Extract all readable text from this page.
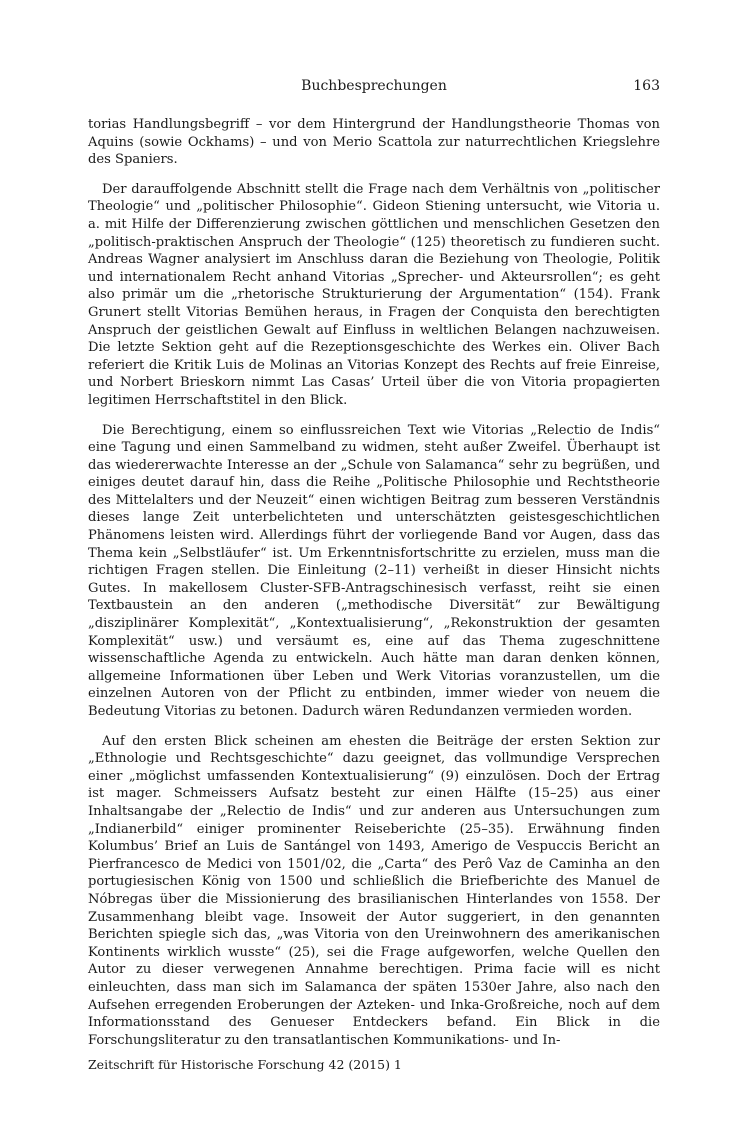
Buchbesprechungen	163

torias Handlungsbegriff – vor dem Hintergrund der Handlungstheorie Thomas von Aquins (sowie Ockhams) – und von Merio Scattola zur naturrechtlichen Kriegslehre des Spaniers.

Der darauffolgende Abschnitt stellt die Frage nach dem Verhältnis von „politischer Theologie“ und „politischer Philosophie“. Gideon Stiening untersucht, wie Vitoria u. a. mit Hilfe der Differenzierung zwischen göttlichen und menschlichen Gesetzen den „politisch-praktischen Anspruch der Theologie“ (125) theoretisch zu fundieren sucht. Andreas Wagner analysiert im Anschluss daran die Beziehung von Theologie, Politik und internationalem Recht anhand Vitorias „Sprecher- und Akteursrollen“; es geht also primär um die „rhetorische Strukturierung der Argumentation“ (154). Frank Grunert stellt Vitorias Bemühen heraus, in Fragen der Conquista den berechtigten Anspruch der geistlichen Gewalt auf Einfluss in weltlichen Belangen nachzuweisen. Die letzte Sektion geht auf die Rezeptionsgeschichte des Werkes ein. Oliver Bach referiert die Kritik Luis de Molinas an Vitorias Konzept des Rechts auf freie Einreise, und Norbert Brieskorn nimmt Las Casas’ Urteil über die von Vitoria propagierten legitimen Herrschaftstitel in den Blick.

Die Berechtigung, einem so einflussreichen Text wie Vitorias „Relectio de Indis“ eine Tagung und einen Sammelband zu widmen, steht außer Zweifel. Überhaupt ist das wiedererwachte Interesse an der „Schule von Salamanca“ sehr zu begrüßen, und einiges deutet darauf hin, dass die Reihe „Politische Philosophie und Rechtstheorie des Mittelalters und der Neuzeit“ einen wichtigen Beitrag zum besseren Verständnis dieses lange Zeit unterbelichteten und unterschätzten geistesgeschichtlichen Phänomens leisten wird. Allerdings führt der vorliegende Band vor Augen, dass das Thema kein „Selbstläufer“ ist. Um Erkenntnisfortschritte zu erzielen, muss man die richtigen Fragen stellen. Die Einleitung (2–11) verheißt in dieser Hinsicht nichts Gutes. In makellosem Cluster-SFB-Antragschinesisch verfasst, reiht sie einen Textbaustein an den anderen („methodische Diversität“ zur Bewältigung „disziplinärer Komplexität“, „Kontextualisierung“, „Rekonstruktion der gesamten Komplexität“ usw.) und versäumt es, eine auf das Thema zugeschnittene wissenschaftliche Agenda zu entwickeln. Auch hätte man daran denken können, allgemeine Informationen über Leben und Werk Vitorias voranzustellen, um die einzelnen Autoren von der Pflicht zu entbinden, immer wieder von neuem die Bedeutung Vitorias zu betonen. Dadurch wären Redundanzen vermieden worden.

Auf den ersten Blick scheinen am ehesten die Beiträge der ersten Sektion zur „Ethnologie und Rechtsgeschichte“ dazu geeignet, das vollmundige Versprechen einer „möglichst umfassenden Kontextualisierung“ (9) einzulösen. Doch der Ertrag ist mager. Schmeissers Aufsatz besteht zur einen Hälfte (15–25) aus einer Inhaltsangabe der „Relectio de Indis“ und zur anderen aus Untersuchungen zum „Indianerbild“ einiger prominenter Reiseberichte (25–35). Erwähnung finden Kolumbus’ Brief an Luis de Santángel von 1493, Amerigo de Vespuccis Bericht an Pierfrancesco de Medici von 1501/02, die „Carta“ des Perô Vaz de Caminha an den portugiesischen König von 1500 und schließlich die Briefberichte des Manuel de Nóbregas über die Missionierung des brasilianischen Hinterlandes von 1558. Der Zusammenhang bleibt vage. Insoweit der Autor suggeriert, in den genannten Berichten spiegle sich das, „was Vitoria von den Ureinwohnern des amerikanischen Kontinents wirklich wusste“ (25), sei die Frage aufgeworfen, welche Quellen den Autor zu dieser verwegenen Annahme berechtigen. Prima facie will es nicht einleuchten, dass man sich im Salamanca der späten 1530er Jahre, also nach den Aufsehen erregenden Eroberungen der Azteken- und Inka-Großreiche, noch auf dem Informationsstand des Genueser Entdeckers befand. Ein Blick in die Forschungsliteratur zu den transatlantischen Kommunikations- und In-

Zeitschrift für Historische Forschung 42 (2015) 1
